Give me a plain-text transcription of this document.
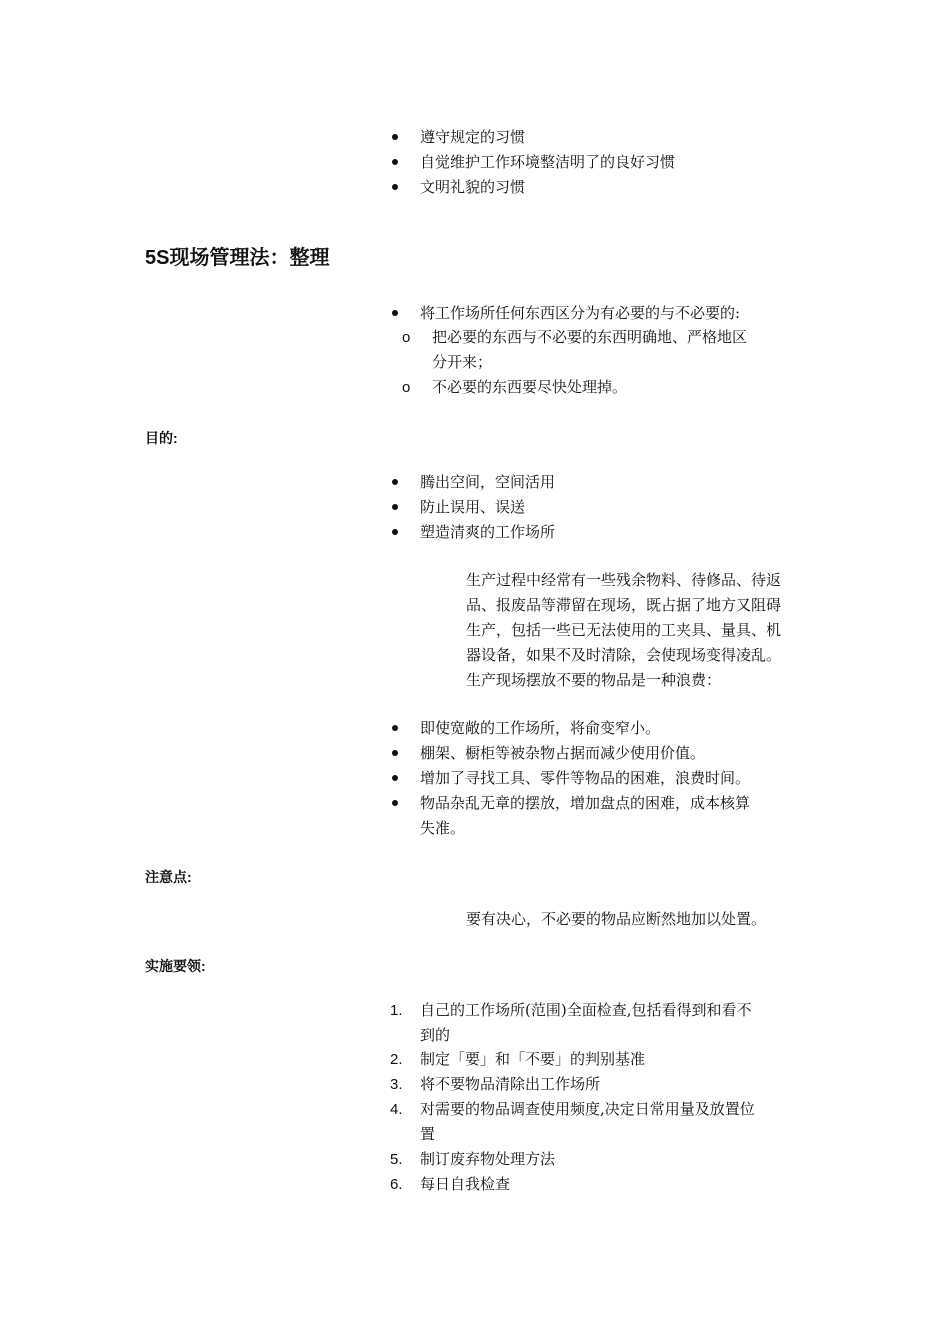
遵守规定的习惯
自觉维护工作环境整洁明了的良好习惯
文明礼貌的习惯
5S现场管理法：整理
将工作场所任何东西区分为有必要的与不必要的:
o 把必要的东西与不必要的东西明确地、严格地区
分开来；
o 不必要的东西要尽快处理掉。
目的:
腾出空间，空间活用
防止误用、误送
塑造清爽的工作场所
生产过程中经常有一些残余物料、待修品、待返
品、报废品等滞留在现场，既占据了地方又阻碍
生产，包括一些已无法使用的工夹具、量具、机
器设备，如果不及时清除，会使现场变得凌乱。
生产现场摆放不要的物品是一种浪费：
即使宽敞的工作场所，将俞变窄小。
棚架、橱柜等被杂物占据而减少使用价值。
增加了寻找工具、零件等物品的困难，浪费时间。
物品杂乱无章的摆放，增加盘点的困难，成本核算
失准。
注意点:
要有决心，不必要的物品应断然地加以处置。
实施要领:
1. 自己的工作场所(范围)全面检查,包括看得到和看不
到的
2. 制定「要」和「不要」的判别基准
3. 将不要物品清除出工作场所
4. 对需要的物品调查使用频度,决定日常用量及放置位
置
5. 制订废弃物处理方法
6. 每日自我检查
